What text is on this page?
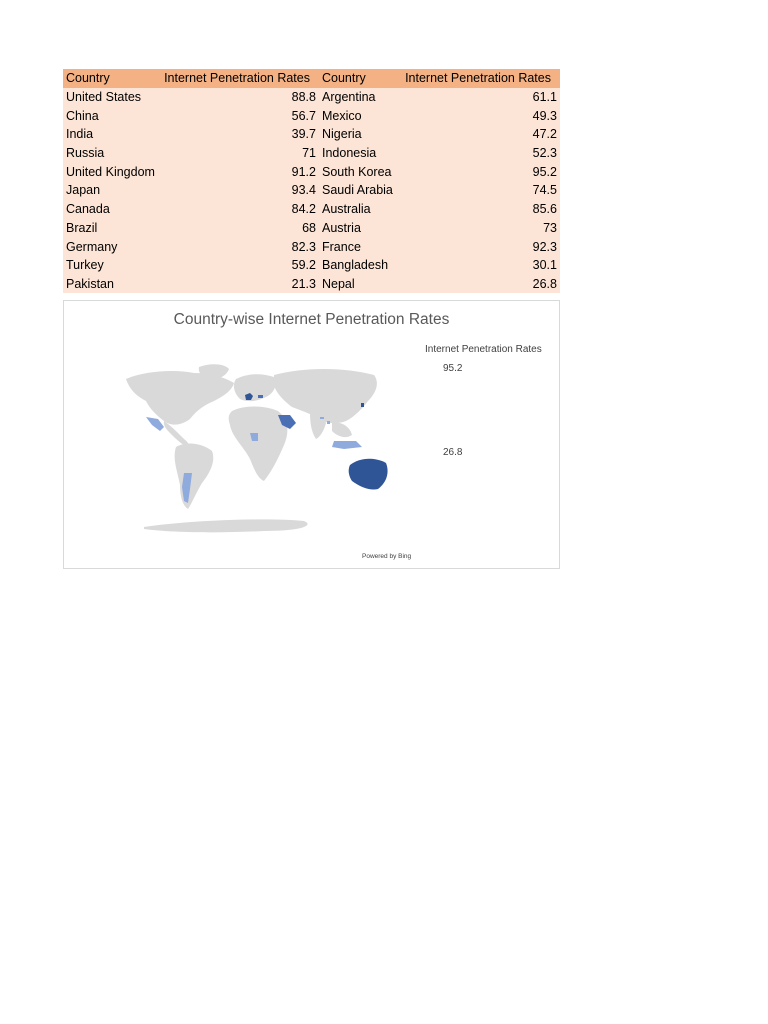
Country	Internet Penetration Rates	Country	Internet Penetration Rates
United States	88.8	Argentina	61.1
China	56.7	Mexico	49.3
India	39.7	Nigeria	47.2
Russia	71	Indonesia	52.3
United Kingdom	91.2	South Korea	95.2
Japan	93.4	Saudi Arabia	74.5
Canada	84.2	Australia	85.6
Brazil	68	Austria	73
Germany	82.3	France	92.3
Turkey	59.2	Bangladesh	30.1
Pakistan	21.3	Nepal	26.8
Country-wise Internet Penetration Rates
Internet Penetration Rates
95.2
26.8
Powered by Bing
